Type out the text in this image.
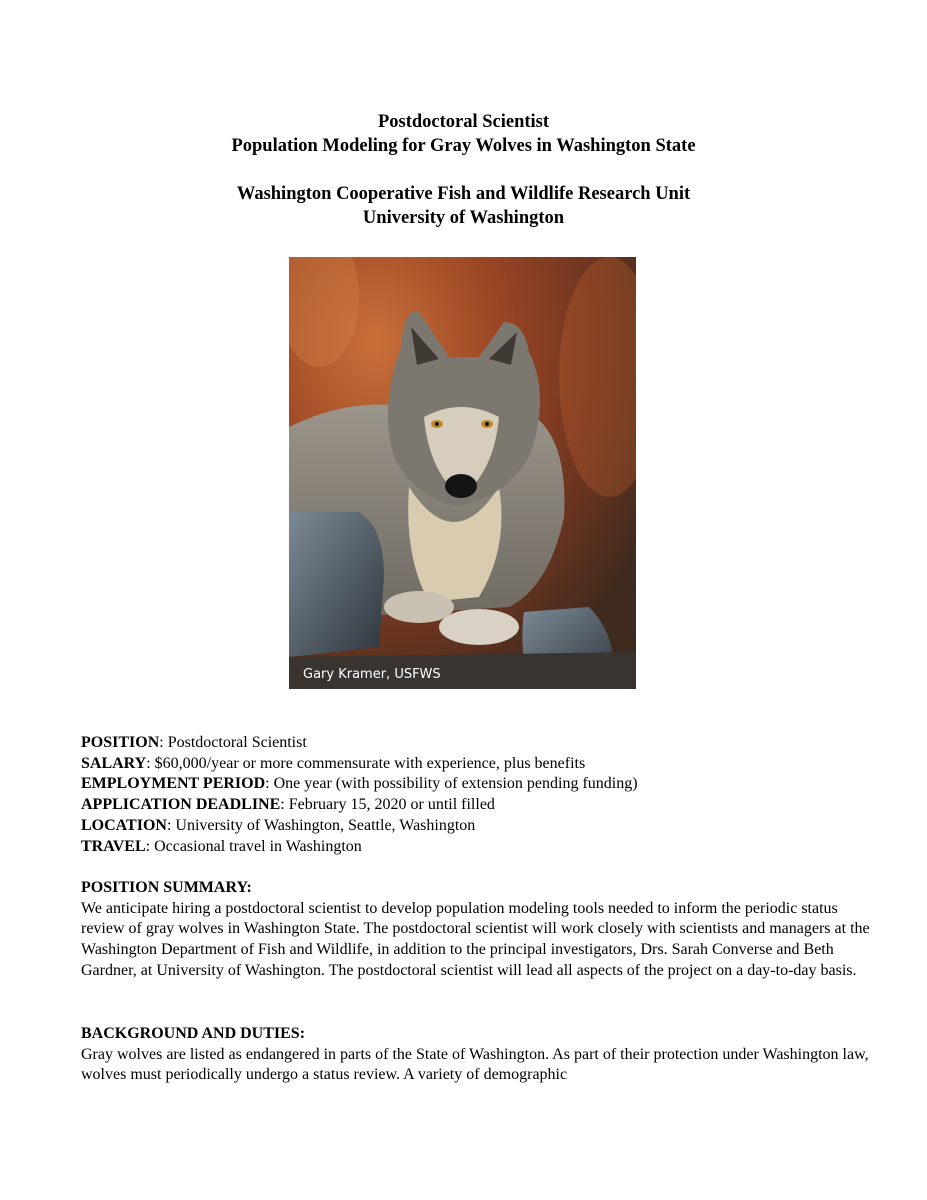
Postdoctoral Scientist
Population Modeling for Gray Wolves in Washington State
Washington Cooperative Fish and Wildlife Research Unit
University of Washington
Gary Kramer, USFWS
POSITION: Postdoctoral Scientist
SALARY: $60,000/year or more commensurate with experience, plus benefits
EMPLOYMENT PERIOD: One year (with possibility of extension pending funding)
APPLICATION DEADLINE: February 15, 2020 or until filled
LOCATION: University of Washington, Seattle, Washington
TRAVEL: Occasional travel in Washington
POSITION SUMMARY:

We anticipate hiring a postdoctoral scientist to develop population modeling tools needed to inform the periodic status review of gray wolves in Washington State. The postdoctoral scientist will work closely with scientists and managers at the Washington Department of Fish and Wildlife, in addition to the principal investigators, Drs. Sarah Converse and Beth Gardner, at University of Washington. The postdoctoral scientist will lead all aspects of the project on a day-to-day basis.

BACKGROUND AND DUTIES:

Gray wolves are listed as endangered in parts of the State of Washington. As part of their protection under Washington law, wolves must periodically undergo a status review. A variety of demographic
